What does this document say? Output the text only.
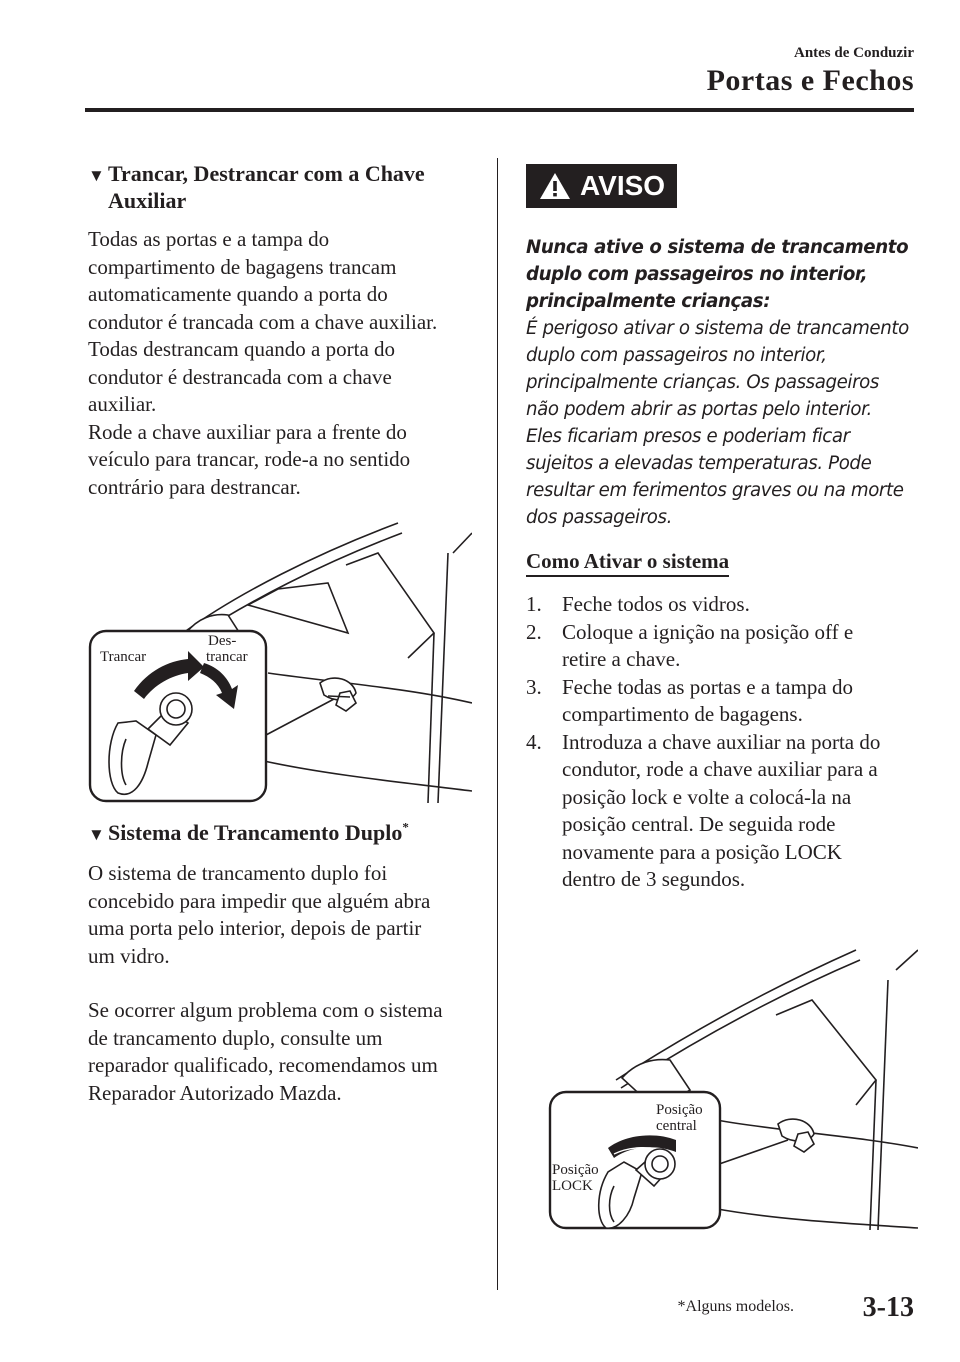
Antes de Conduzir
Portas e Fechos
▼ Trancar, Destrancar com a Chave
Auxiliar

Todas as portas e a tampa do
compartimento de bagagens trancam
automaticamente quando a porta do
condutor é trancada com a chave auxiliar.
Todas destrancam quando a porta do
condutor é destrancada com a chave
auxiliar.
Rode a chave auxiliar para a frente do
veículo para trancar, rode-a no sentido
contrário para destrancar.

Trancar
Des-
trancar
▼ Sistema de Trancamento Duplo*

O sistema de trancamento duplo foi
concebido para impedir que alguém abra
uma porta pelo interior, depois de partir
um vidro.

Se ocorrer algum problema com o sistema
de trancamento duplo, consulte um
reparador qualificado, recomendamos um
Reparador Autorizado Mazda.

AVISO
Nunca ative o sistema de trancamento
duplo com passageiros no interior,
principalmente crianças:
É perigoso ativar o sistema de trancamento
duplo com passageiros no interior,
principalmente crianças. Os passageiros
não podem abrir as portas pelo interior.
Eles ficariam presos e poderiam ficar
sujeitos a elevadas temperaturas. Pode
resultar em ferimentos graves ou na morte
dos passageiros.
Como Ativar o sistema
1. Feche todos os vidros.
2. Coloque a ignição na posição off e
retire a chave.
3. Feche todas as portas e a tampa do
compartimento de bagagens.
4. Introduza a chave auxiliar na porta do
condutor, rode a chave auxiliar para a
posição lock e volte a colocá-la na
posição central. De seguida rode
novamente para a posição LOCK
dentro de 3 segundos.
Posição
central
Posição
LOCK
*Alguns modelos. 3-13
